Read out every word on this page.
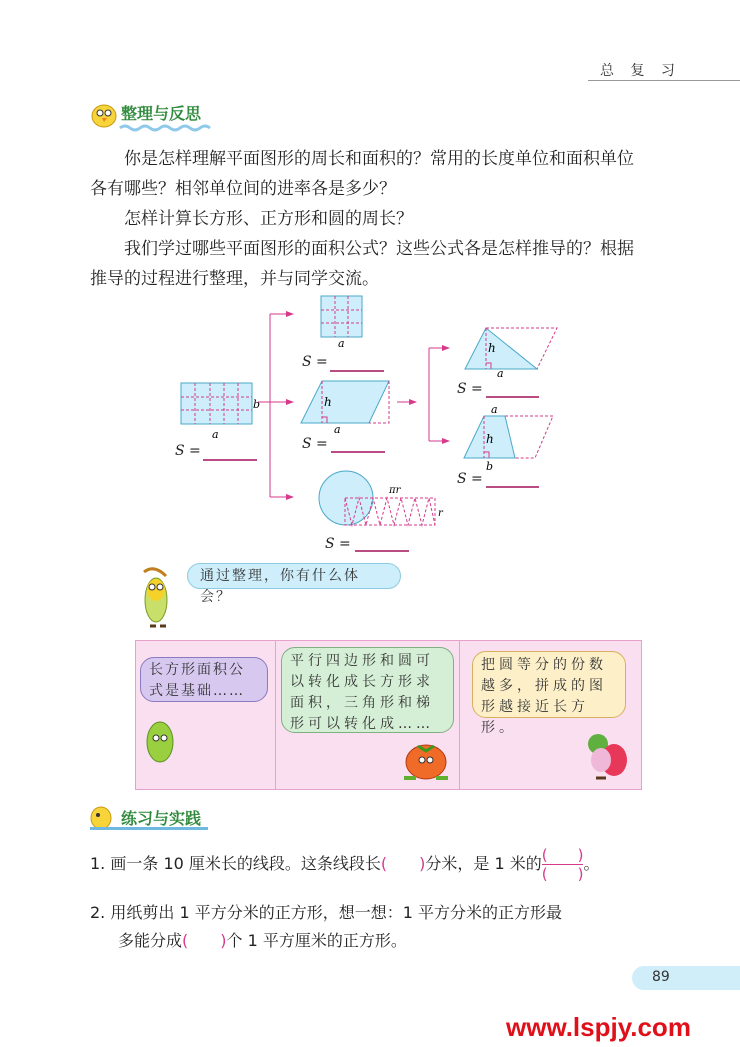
总 复 习
整理与反思
你是怎样理解平面图形的周长和面积的？常用的长度单位和面积单位各有哪些？相邻单位间的进率各是多少？
怎样计算长方形、正方形和圆的周长？
我们学过哪些平面图形的面积公式？这些公式各是怎样推导的？根据推导的过程进行整理，并与同学交流。
b
a
a
h
a
h
a
a
h
b
πr
r
S =
S =
S =
S =
S =
S =
通过整理，你有什么体会？
长方形面积公式是基础……
平行四边形和圆可以转化成长方形求面积，三角形和梯形可以转化成……
把圆等分的份数越多，拼成的图形越接近长方形。
练习与实践
1. 画一条 10 厘米长的线段。这条线段长(　　)分米，是 1 米的 $\frac{( )}{( )}$ 。
2. 用纸剪出 1 平方分米的正方形，想一想：1 平方分米的正方形最
多能分成(　　)个 1 平方厘米的正方形。
89
www.lspjy.com
